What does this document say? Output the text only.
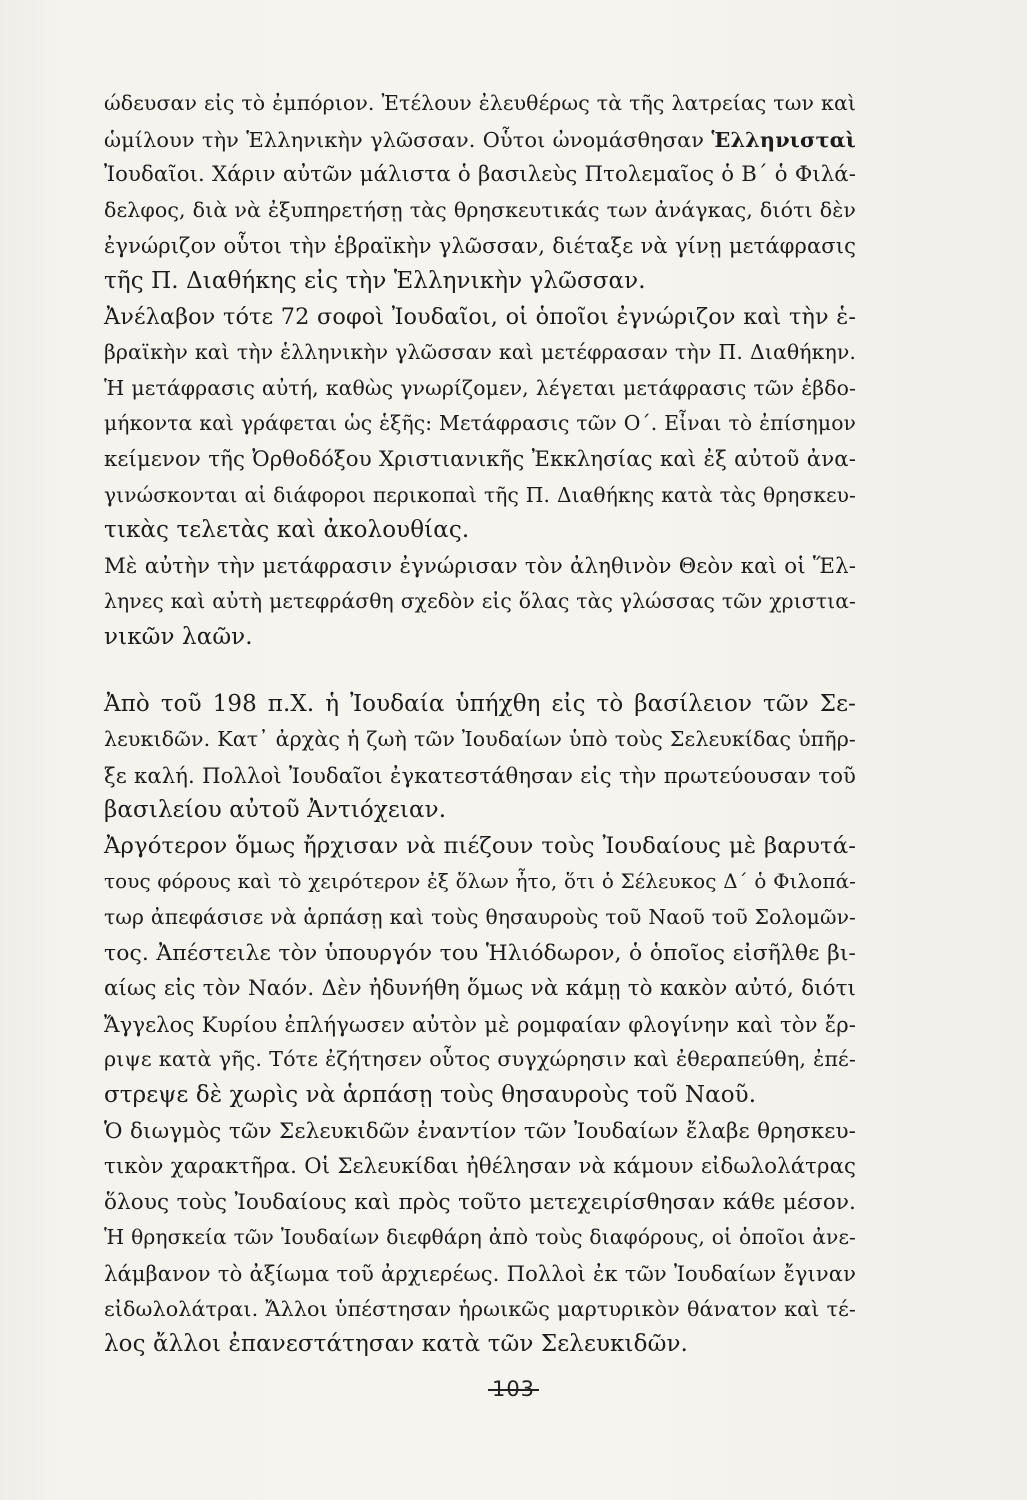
ώδευσαν εἰς τὸ ἐμπόριον. Ἐτέλουν ἐλευθέρως τὰ τῆς λατρείας των καὶ
ὡμίλουν τὴν Ἑλληνικὴν γλῶσσαν. Οὗτοι ὠνομάσθησαν Ἑλληνισταὶ
Ἰουδαῖοι. Χάριν αὐτῶν μάλιστα ὁ βασιλεὺς Πτολεμαῖος ὁ Β΄ ὁ Φιλά-
δελφος, διὰ νὰ ἐξυπηρετήσῃ τὰς θρησκευτικάς των ἀνάγκας, διότι δὲν
ἐγνώριζον οὗτοι τὴν ἑβραϊκὴν γλῶσσαν, διέταξε νὰ γίνῃ μετάφρασις
τῆς Π. Διαθήκης εἰς τὴν Ἑλληνικὴν γλῶσσαν.
Ἀνέλαβον τότε 72 σοφοὶ Ἰουδαῖοι, οἱ ὁποῖοι ἐγνώριζον καὶ τὴν ἑ-
βραϊκὴν καὶ τὴν ἑλληνικὴν γλῶσσαν καὶ μετέφρασαν τὴν Π. Διαθήκην.
Ἡ μετάφρασις αὐτή, καθὼς γνωρίζομεν, λέγεται μετάφρασις τῶν ἑβδο-
μήκοντα καὶ γράφεται ὡς ἑξῆς: Μετάφρασις τῶν Ο΄. Εἶναι τὸ ἐπίσημον
κείμενον τῆς Ὀρθοδόξου Χριστιανικῆς Ἐκκλησίας καὶ ἐξ αὐτοῦ ἀνα-
γινώσκονται αἱ διάφοροι περικοπαὶ τῆς Π. Διαθήκης κατὰ τὰς θρησκευ-
τικὰς τελετὰς καὶ ἀκολουθίας.
Μὲ αὐτὴν τὴν μετάφρασιν ἐγνώρισαν τὸν ἀληθινὸν Θεὸν καὶ οἱ Ἕλ-
ληνες καὶ αὐτὴ μετεφράσθη σχεδὸν εἰς ὅλας τὰς γλώσσας τῶν χριστια-
νικῶν λαῶν.
Ἀπὸ τοῦ 198 π.Χ. ἡ Ἰουδαία ὑπήχθη εἰς τὸ βασίλειον τῶν Σε-
λευκιδῶν. Κατ᾽ ἀρχὰς ἡ ζωὴ τῶν Ἰουδαίων ὑπὸ τοὺς Σελευκίδας ὑπῆρ-
ξε καλή. Πολλοὶ Ἰουδαῖοι ἐγκατεστάθησαν εἰς τὴν πρωτεύουσαν τοῦ
βασιλείου αὐτοῦ Ἀντιόχειαν.
Ἀργότερον ὅμως ἤρχισαν νὰ πιέζουν τοὺς Ἰουδαίους μὲ βαρυτά-
τους φόρους καὶ τὸ χειρότερον ἐξ ὅλων ἦτο, ὅτι ὁ Σέλευκος Δ΄ ὁ Φιλοπά-
τωρ ἀπεφάσισε νὰ ἁρπάσῃ καὶ τοὺς θησαυροὺς τοῦ Ναοῦ τοῦ Σολομῶν-
τος. Ἀπέστειλε τὸν ὑπουργόν του Ἡλιόδωρον, ὁ ὁποῖος εἰσῆλθε βι-
αίως εἰς τὸν Ναόν. Δὲν ἠδυνήθη ὅμως νὰ κάμῃ τὸ κακὸν αὐτό, διότι
Ἄγγελος Κυρίου ἐπλήγωσεν αὐτὸν μὲ ρομφαίαν φλογίνην καὶ τὸν ἔρ-
ριψε κατὰ γῆς. Τότε ἐζήτησεν οὗτος συγχώρησιν καὶ ἐθεραπεύθη, ἐπέ-
στρεψε δὲ χωρὶς νὰ ἁρπάσῃ τοὺς θησαυροὺς τοῦ Ναοῦ.
Ὁ διωγμὸς τῶν Σελευκιδῶν ἐναντίον τῶν Ἰουδαίων ἔλαβε θρησκευ-
τικὸν χαρακτῆρα. Οἱ Σελευκίδαι ἠθέλησαν νὰ κάμουν εἰδωλολάτρας
ὅλους τοὺς Ἰουδαίους καὶ πρὸς τοῦτο μετεχειρίσθησαν κάθε μέσον.
Ἡ θρησκεία τῶν Ἰουδαίων διεφθάρη ἀπὸ τοὺς διαφόρους, οἱ ὁποῖοι ἀνε-
λάμβανον τὸ ἀξίωμα τοῦ ἀρχιερέως. Πολλοὶ ἐκ τῶν Ἰουδαίων ἔγιναν
εἰδωλολάτραι. Ἄλλοι ὑπέστησαν ἡρωικῶς μαρτυρικὸν θάνατον καὶ τέ-
λος ἄλλοι ἐπανεστάτησαν κατὰ τῶν Σελευκιδῶν.
103
